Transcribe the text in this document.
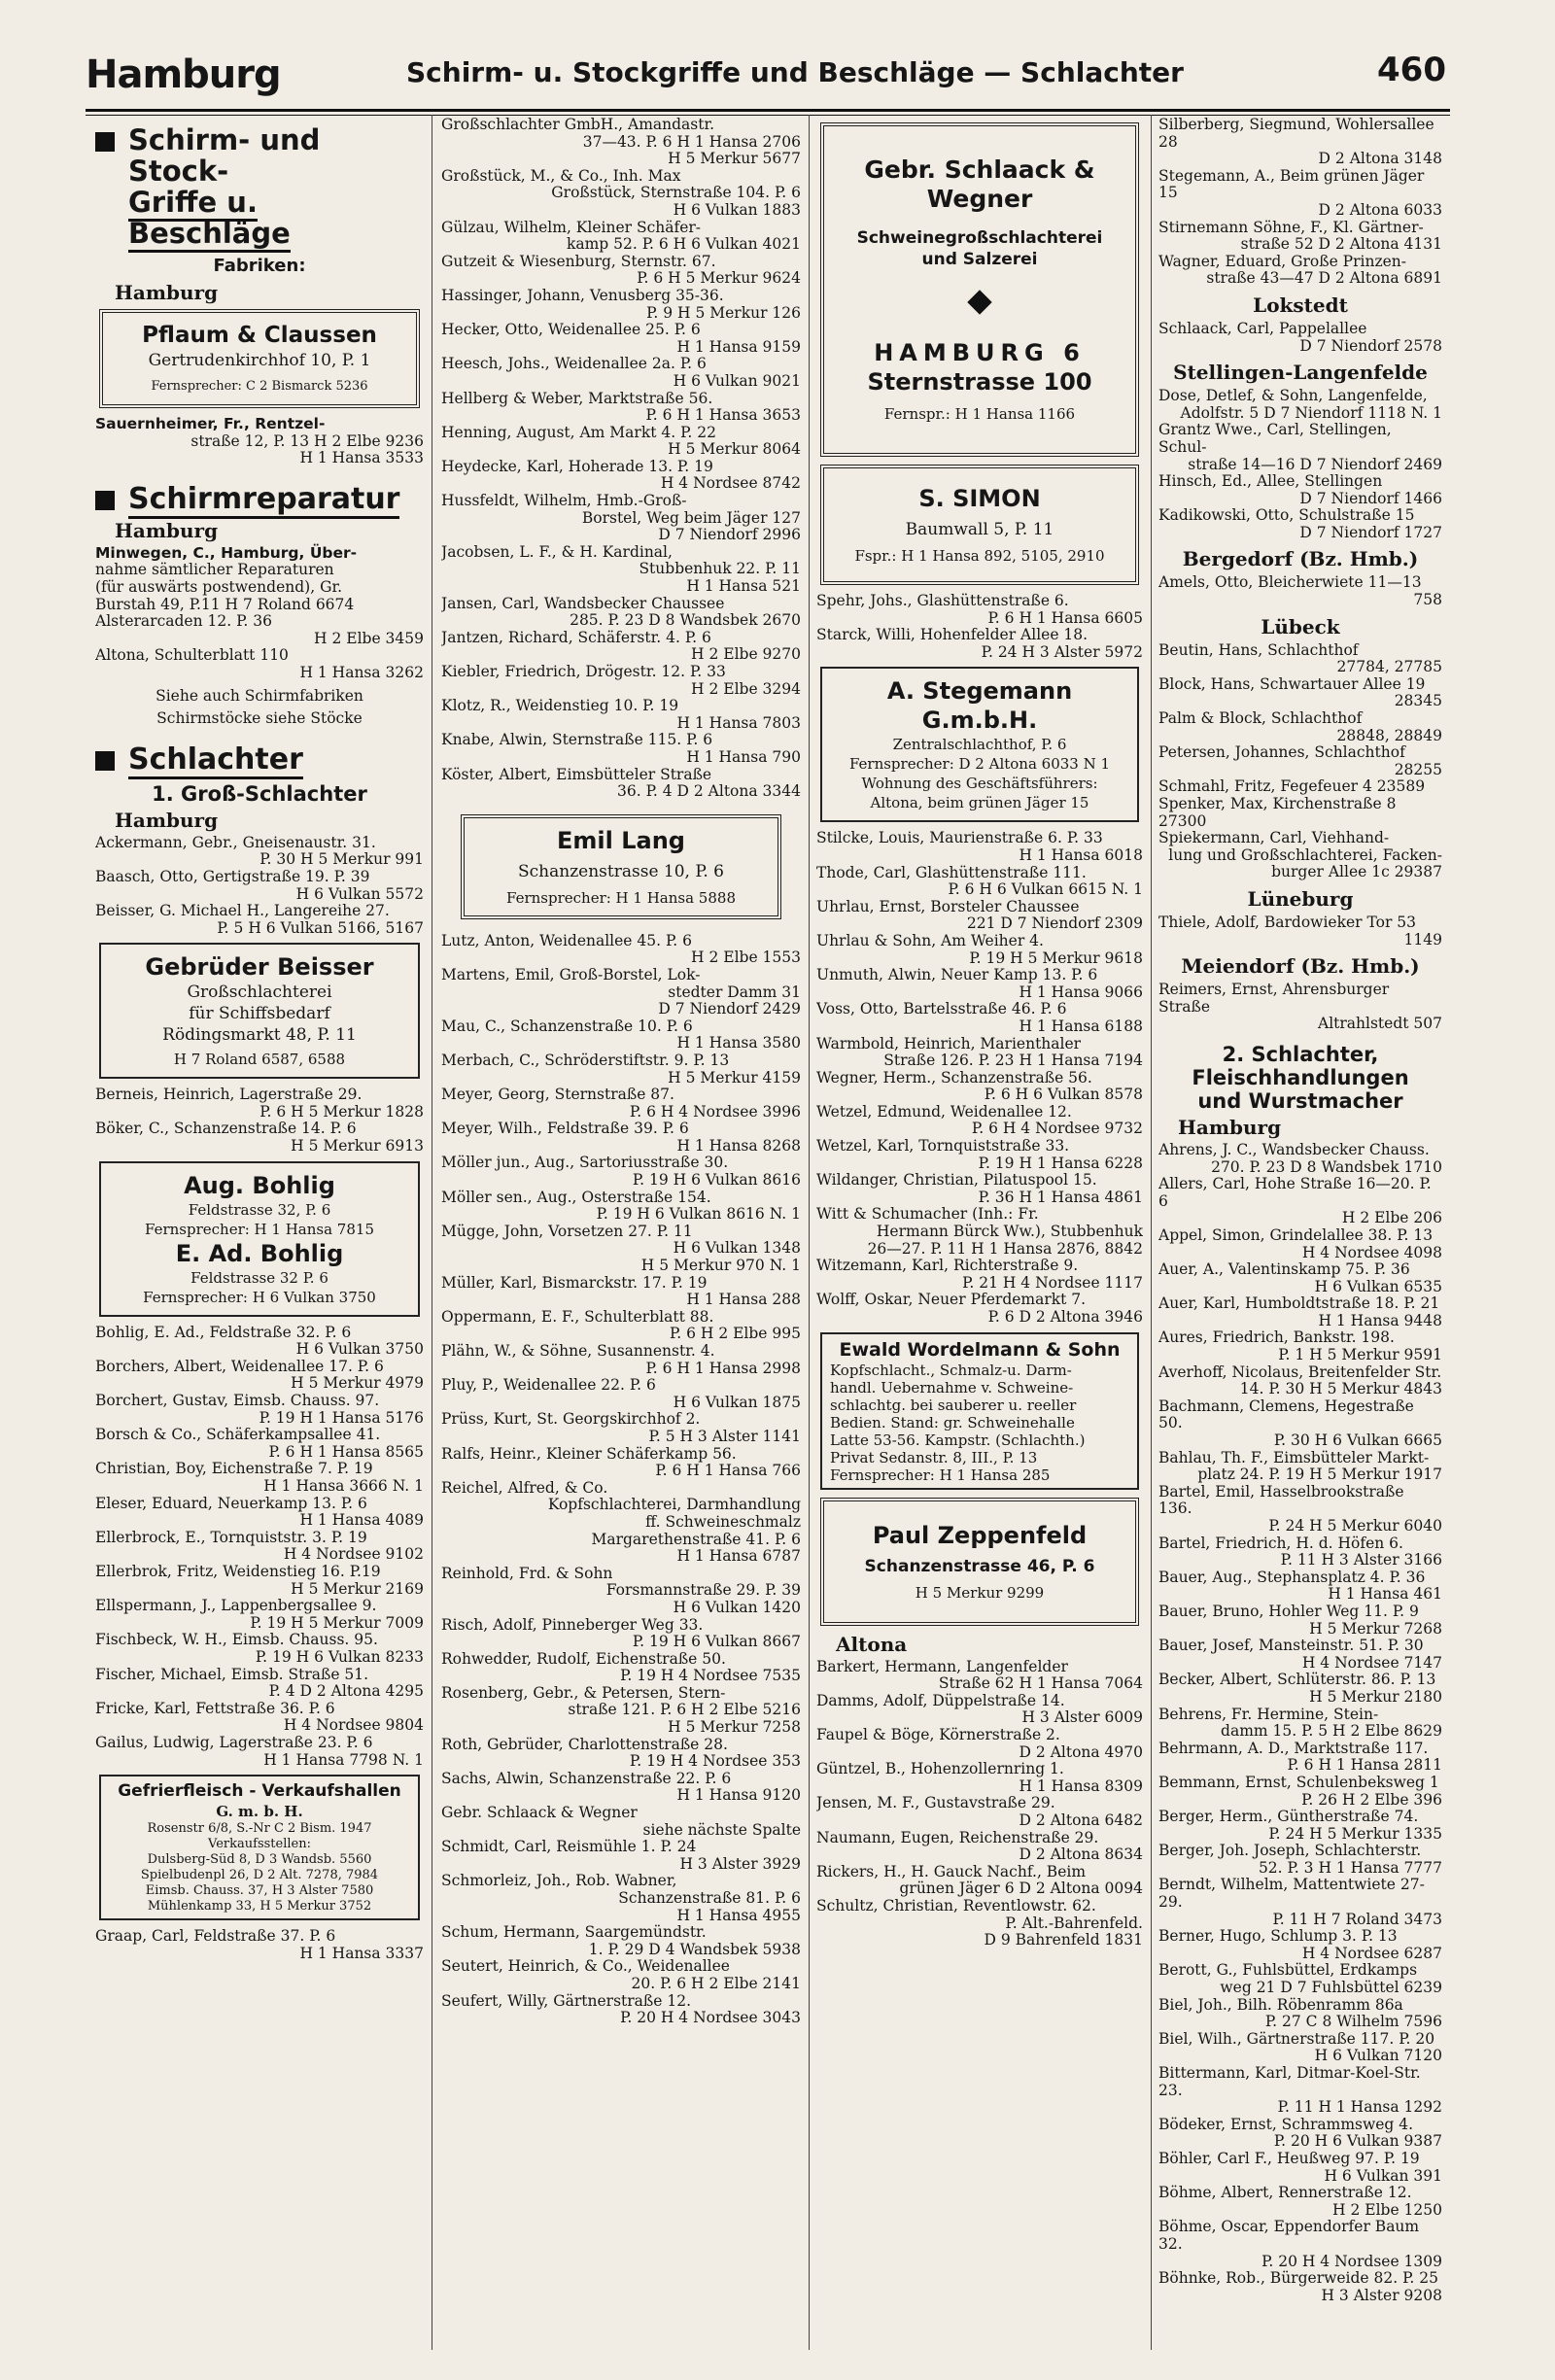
Hamburg	Schirm- u. Stockgriffe und Beschläge — Schlachter	460
Schirm- und Stock-
Griffe u. Beschläge
Fabriken:
Hamburg
Pflaum & Claussen
Gertrudenkirchhof 10, P. 1
Fernsprecher: C 2 Bismarck 5236

Sauernheimer, Fr., Rentzel-
straße 12, P. 13 H 2 Elbe 9236
H 1 Hansa 3533

Schirmreparatur
Hamburg

Minwegen, C., Hamburg, Über-
nahme sämtlicher Reparaturen
(für auswärts postwendend), Gr.
Burstah 49, P.11 H 7 Roland 6674
Alsterarcaden 12. P. 36
H 2 Elbe 3459
Altona, Schulterblatt 110
H 1 Hansa 3262

Siehe auch Schirmfabriken

Schirmstöcke siehe Stöcke

Schlachter
1. Groß-Schlachter
Hamburg

Ackermann, Gebr., Gneisenaustr. 31.
P. 30 H 5 Merkur 991

Baasch, Otto, Gertigstraße 19. P. 39
H 6 Vulkan 5572

Beisser, G. Michael H., Langereihe 27.
P. 5 H 6 Vulkan 5166, 5167

Gebrüder Beisser
Großschlachterei
für Schiffsbedarf
Rödingsmarkt 48, P. 11
H 7 Roland 6587, 6588

Berneis, Heinrich, Lagerstraße 29.
P. 6 H 5 Merkur 1828

Böker, C., Schanzenstraße 14. P. 6
H 5 Merkur 6913

Aug. Bohlig
Feldstrasse 32, P. 6
Fernsprecher: H 1 Hansa 7815
E. Ad. Bohlig
Feldstrasse 32 P. 6
Fernsprecher: H 6 Vulkan 3750

Bohlig, E. Ad., Feldstraße 32. P. 6
H 6 Vulkan 3750

Borchers, Albert, Weidenallee 17. P. 6
H 5 Merkur 4979

Borchert, Gustav, Eimsb. Chauss. 97.
P. 19 H 1 Hansa 5176

Borsch & Co., Schäferkampsallee 41.
P. 6 H 1 Hansa 8565

Christian, Boy, Eichenstraße 7. P. 19
H 1 Hansa 3666 N. 1

Eleser, Eduard, Neuerkamp 13. P. 6
H 1 Hansa 4089

Ellerbrock, E., Tornquiststr. 3. P. 19
H 4 Nordsee 9102

Ellerbrok, Fritz, Weidenstieg 16. P.19
H 5 Merkur 2169

Ellspermann, J., Lappenbergsallee 9.
P. 19 H 5 Merkur 7009

Fischbeck, W. H., Eimsb. Chauss. 95.
P. 19 H 6 Vulkan 8233

Fischer, Michael, Eimsb. Straße 51.
P. 4 D 2 Altona 4295

Fricke, Karl, Fettstraße 36. P. 6
H 4 Nordsee 9804

Gailus, Ludwig, Lagerstraße 23. P. 6
H 1 Hansa 7798 N. 1

Gefrierfleisch - Verkaufshallen
G. m. b. H.
Rosenstr 6/8, S.-Nr C 2 Bism. 1947
Verkaufsstellen:
Dulsberg-Süd 8, D 3 Wandsb. 5560
Spielbudenpl 26, D 2 Alt. 7278, 7984
Eimsb. Chauss. 37, H 3 Alster 7580
Mühlenkamp 33, H 5 Merkur 3752

Graap, Carl, Feldstraße 37. P. 6
H 1 Hansa 3337

Großschlachter GmbH., Amandastr.
37—43. P. 6 H 1 Hansa 2706
H 5 Merkur 5677

Großstück, M., & Co., Inh. Max
Großstück, Sternstraße 104. P. 6
H 6 Vulkan 1883

Gülzau, Wilhelm, Kleiner Schäfer-
kamp 52. P. 6 H 6 Vulkan 4021

Gutzeit & Wiesenburg, Sternstr. 67.
P. 6 H 5 Merkur 9624

Hassinger, Johann, Venusberg 35-36.
P. 9 H 5 Merkur 126

Hecker, Otto, Weidenallee 25. P. 6
H 1 Hansa 9159

Heesch, Johs., Weidenallee 2a. P. 6
H 6 Vulkan 9021

Hellberg & Weber, Marktstraße 56.
P. 6 H 1 Hansa 3653

Henning, August, Am Markt 4. P. 22
H 5 Merkur 8064

Heydecke, Karl, Hoherade 13. P. 19
H 4 Nordsee 8742

Hussfeldt, Wilhelm, Hmb.-Groß-
Borstel, Weg beim Jäger 127
D 7 Niendorf 2996

Jacobsen, L. F., & H. Kardinal,
Stubbenhuk 22. P. 11
H 1 Hansa 521

Jansen, Carl, Wandsbecker Chaussee
285. P. 23 D 8 Wandsbek 2670

Jantzen, Richard, Schäferstr. 4. P. 6
H 2 Elbe 9270

Kiebler, Friedrich, Drögestr. 12. P. 33
H 2 Elbe 3294

Klotz, R., Weidenstieg 10. P. 19
H 1 Hansa 7803

Knabe, Alwin, Sternstraße 115. P. 6
H 1 Hansa 790

Köster, Albert, Eimsbütteler Straße
36. P. 4 D 2 Altona 3344

Emil Lang
Schanzenstrasse 10, P. 6
Fernsprecher: H 1 Hansa 5888

Lutz, Anton, Weidenallee 45. P. 6
H 2 Elbe 1553

Martens, Emil, Groß-Borstel, Lok-
stedter Damm 31
D 7 Niendorf 2429

Mau, C., Schanzenstraße 10. P. 6
H 1 Hansa 3580

Merbach, C., Schröderstiftstr. 9. P. 13
H 5 Merkur 4159

Meyer, Georg, Sternstraße 87.
P. 6 H 4 Nordsee 3996

Meyer, Wilh., Feldstraße 39. P. 6
H 1 Hansa 8268

Möller jun., Aug., Sartoriusstraße 30.
P. 19 H 6 Vulkan 8616

Möller sen., Aug., Osterstraße 154.
P. 19 H 6 Vulkan 8616 N. 1

Mügge, John, Vorsetzen 27. P. 11
H 6 Vulkan 1348
H 5 Merkur 970 N. 1

Müller, Karl, Bismarckstr. 17. P. 19
H 1 Hansa 288

Oppermann, E. F., Schulterblatt 88.
P. 6 H 2 Elbe 995

Plähn, W., & Söhne, Susannenstr. 4.
P. 6 H 1 Hansa 2998

Pluy, P., Weidenallee 22. P. 6
H 6 Vulkan 1875

Prüss, Kurt, St. Georgskirchhof 2.
P. 5 H 3 Alster 1141

Ralfs, Heinr., Kleiner Schäferkamp 56.
P. 6 H 1 Hansa 766

Reichel, Alfred, & Co.
Kopfschlachterei, Darmhandlung
ff. Schweineschmalz
Margarethenstraße 41. P. 6
H 1 Hansa 6787

Reinhold, Frd. & Sohn
Forsmannstraße 29. P. 39
H 6 Vulkan 1420

Risch, Adolf, Pinneberger Weg 33.
P. 19 H 6 Vulkan 8667

Rohwedder, Rudolf, Eichenstraße 50.
P. 19 H 4 Nordsee 7535

Rosenberg, Gebr., & Petersen, Stern-
straße 121. P. 6 H 2 Elbe 5216
H 5 Merkur 7258

Roth, Gebrüder, Charlottenstraße 28.
P. 19 H 4 Nordsee 353

Sachs, Alwin, Schanzenstraße 22. P. 6
H 1 Hansa 9120

Gebr. Schlaack & Wegner
siehe nächste Spalte

Schmidt, Carl, Reismühle 1. P. 24
H 3 Alster 3929

Schmorleiz, Joh., Rob. Wabner,
Schanzenstraße 81. P. 6
H 1 Hansa 4955

Schum, Hermann, Saargemündstr.
1. P. 29 D 4 Wandsbek 5938

Seutert, Heinrich, & Co., Weidenallee
20. P. 6 H 2 Elbe 2141

Seufert, Willy, Gärtnerstraße 12.
P. 20 H 4 Nordsee 3043

Gebr. Schlaack & Wegner
Schweinegroßschlachterei
und Salzerei
HAMBURG 6
Sternstrasse 100
Fernspr.: H 1 Hansa 1166
S. SIMON
Baumwall 5, P. 11
Fspr.: H 1 Hansa 892, 5105, 2910

Spehr, Johs., Glashüttenstraße 6.
P. 6 H 1 Hansa 6605

Starck, Willi, Hohenfelder Allee 18.
P. 24 H 3 Alster 5972

A. Stegemann G.m.b.H.
Zentralschlachthof, P. 6
Fernsprecher: D 2 Altona 6033 N 1
Wohnung des Geschäftsführers:
Altona, beim grünen Jäger 15

Stilcke, Louis, Maurienstraße 6. P. 33
H 1 Hansa 6018

Thode, Carl, Glashüttenstraße 111.
P. 6 H 6 Vulkan 6615 N. 1

Uhrlau, Ernst, Borsteler Chaussee
221 D 7 Niendorf 2309

Uhrlau & Sohn, Am Weiher 4.
P. 19 H 5 Merkur 9618

Unmuth, Alwin, Neuer Kamp 13. P. 6
H 1 Hansa 9066

Voss, Otto, Bartelsstraße 46. P. 6
H 1 Hansa 6188

Warmbold, Heinrich, Marienthaler
Straße 126. P. 23 H 1 Hansa 7194

Wegner, Herm., Schanzenstraße 56.
P. 6 H 6 Vulkan 8578

Wetzel, Edmund, Weidenallee 12.
P. 6 H 4 Nordsee 9732

Wetzel, Karl, Tornquiststraße 33.
P. 19 H 1 Hansa 6228

Wildanger, Christian, Pilatuspool 15.
P. 36 H 1 Hansa 4861

Witt & Schumacher (Inh.: Fr.
Hermann Bürck Ww.), Stubbenhuk
26—27. P. 11 H 1 Hansa 2876, 8842

Witzemann, Karl, Richterstraße 9.
P. 21 H 4 Nordsee 1117

Wolff, Oskar, Neuer Pferdemarkt 7.
P. 6 D 2 Altona 3946

Ewald Wordelmann & Sohn
Kopfschlacht., Schmalz-u. Darm-
handl. Uebernahme v. Schweine-
schlachtg. bei sauberer u. reeller
Bedien. Stand: gr. Schweinehalle
Latte 53-56. Kampstr. (Schlachth.)
Privat Sedanstr. 8, III., P. 13
Fernsprecher: H 1 Hansa 285
Paul Zeppenfeld
Schanzenstrasse 46, P. 6
H 5 Merkur 9299
Altona

Barkert, Hermann, Langenfelder
Straße 62 H 1 Hansa 7064

Damms, Adolf, Düppelstraße 14.
H 3 Alster 6009

Faupel & Böge, Körnerstraße 2.
D 2 Altona 4970

Güntzel, B., Hohenzollernring 1.
H 1 Hansa 8309

Jensen, M. F., Gustavstraße 29.
D 2 Altona 6482

Naumann, Eugen, Reichenstraße 29.
D 2 Altona 8634

Rickers, H., H. Gauck Nachf., Beim
grünen Jäger 6 D 2 Altona 0094

Schultz, Christian, Reventlowstr. 62.
P. Alt.-Bahrenfeld.
D 9 Bahrenfeld 1831

Silberberg, Siegmund, Wohlersallee 28
D 2 Altona 3148

Stegemann, A., Beim grünen Jäger 15
D 2 Altona 6033

Stirnemann Söhne, F., Kl. Gärtner-
straße 52 D 2 Altona 4131

Wagner, Eduard, Große Prinzen-
straße 43—47 D 2 Altona 6891

Lokstedt

Schlaack, Carl, Pappelallee
D 7 Niendorf 2578

Stellingen-Langenfelde

Dose, Detlef, & Sohn, Langenfelde,
Adolfstr. 5 D 7 Niendorf 1118 N. 1

Grantz Wwe., Carl, Stellingen, Schul-
straße 14—16 D 7 Niendorf 2469

Hinsch, Ed., Allee, Stellingen
D 7 Niendorf 1466

Kadikowski, Otto, Schulstraße 15
D 7 Niendorf 1727

Bergedorf (Bz. Hmb.)

Amels, Otto, Bleicherwiete 11—13
758

Lübeck

Beutin, Hans, Schlachthof
27784, 27785

Block, Hans, Schwartauer Allee 19
28345

Palm & Block, Schlachthof
28848, 28849

Petersen, Johannes, Schlachthof
28255

Schmahl, Fritz, Fegefeuer 4 23589

Spenker, Max, Kirchenstraße 8 27300

Spiekermann, Carl, Viehhand-
lung und Großschlachterei, Facken-
burger Allee 1c 29387

Lüneburg

Thiele, Adolf, Bardowieker Tor 53
1149

Meiendorf (Bz. Hmb.)

Reimers, Ernst, Ahrensburger Straße
Altrahlstedt 507

2. Schlachter,
Fleischhandlungen
und Wurstmacher
Hamburg

Ahrens, J. C., Wandsbecker Chauss.
270. P. 23 D 8 Wandsbek 1710

Allers, Carl, Hohe Straße 16—20. P. 6
H 2 Elbe 206

Appel, Simon, Grindelallee 38. P. 13
H 4 Nordsee 4098

Auer, A., Valentinskamp 75. P. 36
H 6 Vulkan 6535

Auer, Karl, Humboldtstraße 18. P. 21
H 1 Hansa 9448

Aures, Friedrich, Bankstr. 198.
P. 1 H 5 Merkur 9591

Averhoff, Nicolaus, Breitenfelder Str.
14. P. 30 H 5 Merkur 4843

Bachmann, Clemens, Hegestraße 50.
P. 30 H 6 Vulkan 6665

Bahlau, Th. F., Eimsbütteler Markt-
platz 24. P. 19 H 5 Merkur 1917

Bartel, Emil, Hasselbrookstraße 136.
P. 24 H 5 Merkur 6040

Bartel, Friedrich, H. d. Höfen 6.
P. 11 H 3 Alster 3166

Bauer, Aug., Stephansplatz 4. P. 36
H 1 Hansa 461

Bauer, Bruno, Hohler Weg 11. P. 9
H 5 Merkur 7268

Bauer, Josef, Mansteinstr. 51. P. 30
H 4 Nordsee 7147

Becker, Albert, Schlüterstr. 86. P. 13
H 5 Merkur 2180

Behrens, Fr. Hermine, Stein-
damm 15. P. 5 H 2 Elbe 8629

Behrmann, A. D., Marktstraße 117.
P. 6 H 1 Hansa 2811

Bemmann, Ernst, Schulenbeksweg 1
P. 26 H 2 Elbe 396

Berger, Herm., Güntherstraße 74.
P. 24 H 5 Merkur 1335

Berger, Joh. Joseph, Schlachterstr.
52. P. 3 H 1 Hansa 7777

Berndt, Wilhelm, Mattentwiete 27-29.
P. 11 H 7 Roland 3473

Berner, Hugo, Schlump 3. P. 13
H 4 Nordsee 6287

Berott, G., Fuhlsbüttel, Erdkamps
weg 21 D 7 Fuhlsbüttel 6239

Biel, Joh., Bilh. Röbenramm 86a
P. 27 C 8 Wilhelm 7596

Biel, Wilh., Gärtnerstraße 117. P. 20
H 6 Vulkan 7120

Bittermann, Karl, Ditmar-Koel-Str. 23.
P. 11 H 1 Hansa 1292

Bödeker, Ernst, Schrammsweg 4.
P. 20 H 6 Vulkan 9387

Böhler, Carl F., Heußweg 97. P. 19
H 6 Vulkan 391

Böhme, Albert, Rennerstraße 12.
H 2 Elbe 1250

Böhme, Oscar, Eppendorfer Baum 32.
P. 20 H 4 Nordsee 1309

Böhnke, Rob., Bürgerweide 82. P. 25
H 3 Alster 9208
